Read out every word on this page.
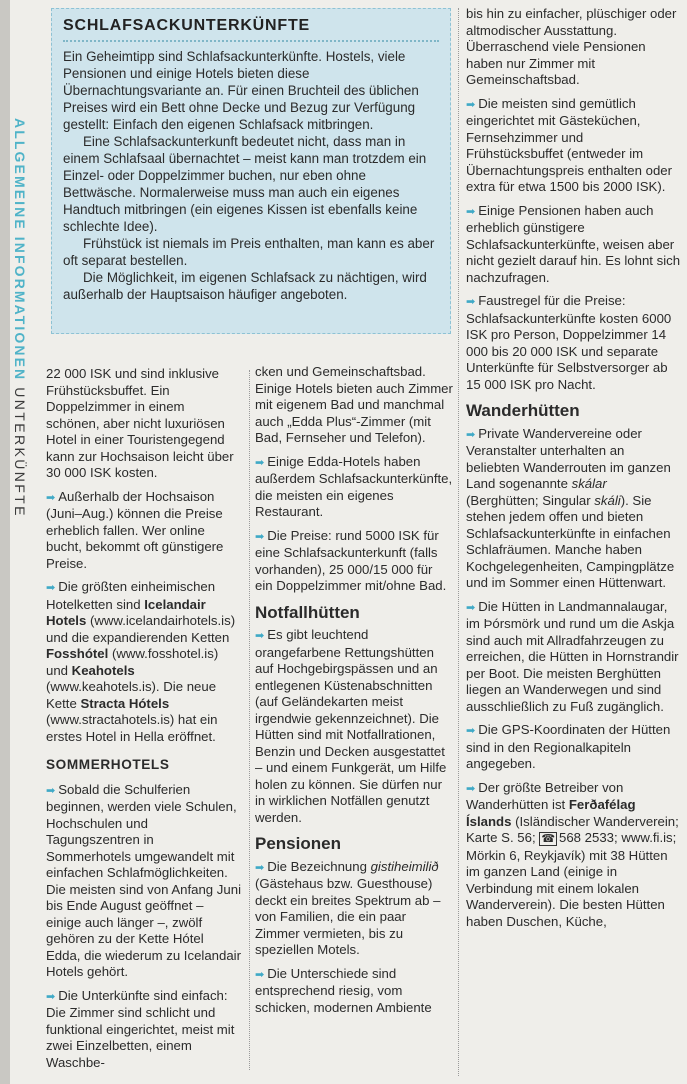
ALLGEMEINE INFORMATIONEN UNTERKÜNFTE
SCHLAFSACKUNTERKÜNFTE

Ein Geheimtipp sind Schlafsackunterkünfte. Hostels, viele Pensionen und einige Hotels bieten diese Übernachtungsvariante an. Für einen Bruchteil des üblichen Preises wird ein Bett ohne Decke und Bezug zur Verfügung gestellt: Einfach den eigenen Schlafsack mitbringen.

Eine Schlafsackunterkunft bedeutet nicht, dass man in einem Schlafsaal übernachtet – meist kann man trotzdem ein Einzel- oder Doppelzimmer buchen, nur eben ohne Bettwäsche. Normalerweise muss man auch ein eigenes Handtuch mitbringen (ein eigenes Kissen ist ebenfalls keine schlechte Idee).

Frühstück ist niemals im Preis enthalten, man kann es aber oft separat bestellen.

Die Möglichkeit, im eigenen Schlafsack zu nächtigen, wird außerhalb der Hauptsaison häufiger angeboten.

22 000 ISK und sind inklusive Frühstücksbuffet. Ein Doppelzimmer in einem schönen, aber nicht luxuriösen Hotel in einer Touristengegend kann zur Hochsaison leicht über 30 000 ISK kosten.

➡ Außerhalb der Hochsaison (Juni–Aug.) können die Preise erheblich fallen. Wer online bucht, bekommt oft günstigere Preise.

➡ Die größten einheimischen Hotelketten sind Icelandair Hotels (www.icelandairhotels.is) und die expandierenden Ketten Fosshótel (www.fosshotel.is) und Keahotels (www.keahotels.is). Die neue Kette Stracta Hótels (www.stractahotels.is) hat ein erstes Hotel in Hella eröffnet.

SOMMERHOTELS

➡ Sobald die Schulferien beginnen, werden viele Schulen, Hochschulen und Tagungszentren in Sommerhotels umgewandelt mit einfachen Schlafmöglichkeiten. Die meisten sind von Anfang Juni bis Ende August geöffnet – einige auch länger –, zwölf gehören zu der Kette Hótel Edda, die wiederum zu Icelandair Hotels gehört.

➡ Die Unterkünfte sind einfach: Die Zimmer sind schlicht und funktional eingerichtet, meist mit zwei Einzelbetten, einem Waschbe-

cken und Gemeinschaftsbad. Einige Hotels bieten auch Zimmer mit eigenem Bad und manchmal auch „Edda Plus“-Zimmer (mit Bad, Fernseher und Telefon).

➡ Einige Edda-Hotels haben außerdem Schlafsackunterkünfte, die meisten ein eigenes Restaurant.

➡ Die Preise: rund 5000 ISK für eine Schlafsackunterkunft (falls vorhanden), 25 000/15 000 für ein Doppelzimmer mit/ohne Bad.

Notfallhütten

➡ Es gibt leuchtend orangefarbene Rettungshütten auf Hochgebirgspässen und an entlegenen Küstenabschnitten (auf Geländekarten meist irgendwie gekennzeichnet). Die Hütten sind mit Notfallrationen, Benzin und Decken ausgestattet – und einem Funkgerät, um Hilfe holen zu können. Sie dürfen nur in wirklichen Notfällen genutzt werden.

Pensionen

➡ Die Bezeichnung gistiheimilið (Gästehaus bzw. Guesthouse) deckt ein breites Spektrum ab – von Familien, die ein paar Zimmer vermieten, bis zu speziellen Motels.

➡ Die Unterschiede sind entsprechend riesig, vom schicken, modernen Ambiente

bis hin zu einfacher, plüschiger oder altmodischer Ausstattung. Überraschend viele Pensionen haben nur Zimmer mit Gemeinschaftsbad.

➡ Die meisten sind gemütlich eingerichtet mit Gästeküchen, Fernsehzimmer und Frühstücksbuffet (entweder im Übernachtungspreis enthalten oder extra für etwa 1500 bis 2000 ISK).

➡ Einige Pensionen haben auch erheblich günstigere Schlafsackunterkünfte, weisen aber nicht gezielt darauf hin. Es lohnt sich nachzufragen.

➡ Faustregel für die Preise: Schlafsackunterkünfte kosten 6000 ISK pro Person, Doppelzimmer 14 000 bis 20 000 ISK und separate Unterkünfte für Selbstversorger ab 15 000 ISK pro Nacht.

Wanderhütten

➡ Private Wandervereine oder Veranstalter unterhalten an beliebten Wanderrouten im ganzen Land sogenannte skálar (Berghütten; Singular skáli). Sie stehen jedem offen und bieten Schlafsackunterkünfte in einfachen Schlafräumen. Manche haben Kochgelegenheiten, Campingplätze und im Sommer einen Hüttenwart.

➡ Die Hütten in Landmannalaugar, im Þórsmörk und rund um die Askja sind auch mit Allradfahrzeugen zu erreichen, die Hütten in Hornstrandir per Boot. Die meisten Berghütten liegen an Wanderwegen und sind ausschließlich zu Fuß zugänglich.

➡ Die GPS-Koordinaten der Hütten sind in den Regionalkapiteln angegeben.

➡ Der größte Betreiber von Wanderhütten ist Ferðafélag Íslands (Isländischer Wanderverein; Karte S. 56; ☎ 568 2533; www.fi.is; Mörkin 6, Reykjavík) mit 38 Hütten im ganzen Land (einige in Verbindung mit einem lokalen Wanderverein). Die besten Hütten haben Duschen, Küche,
